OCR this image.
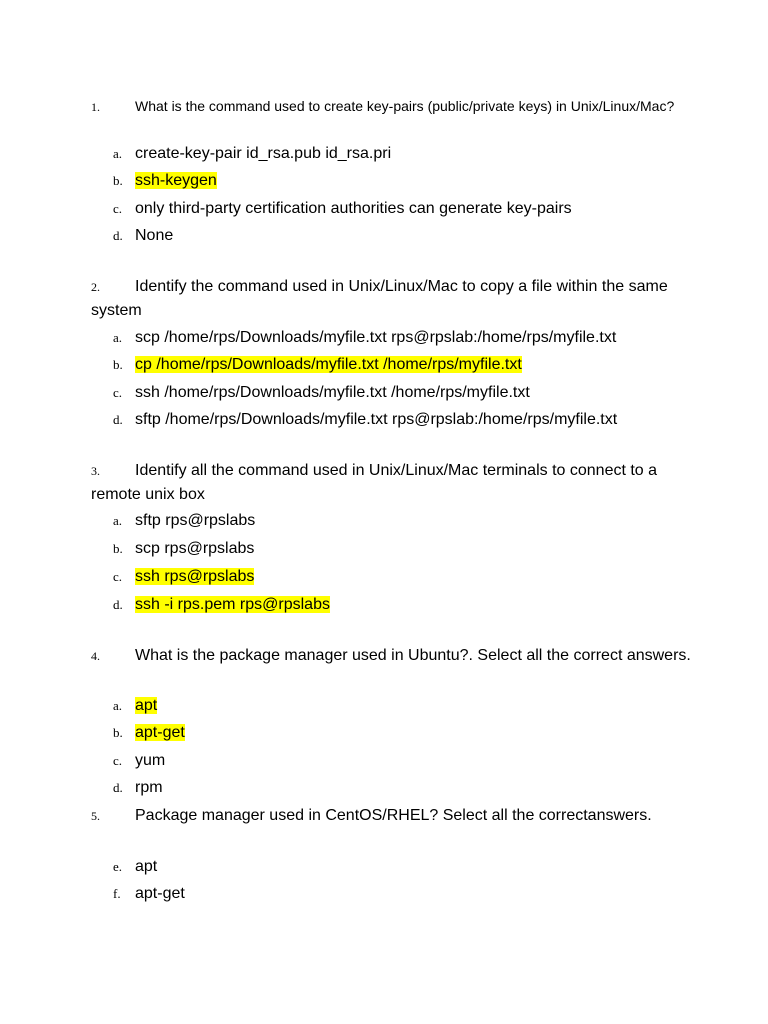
1.	What is the command used to create key-pairs (public/private keys) in Unix/Linux/Mac?
a. create-key-pair id_rsa.pub id_rsa.pri
b. ssh-keygen
c. only third-party certification authorities can generate key-pairs
d. None
2. Identify the command used in Unix/Linux/Mac to copy a file within the same system
a. scp /home/rps/Downloads/myfile.txt rps@rpslab:/home/rps/myfile.txt
b. cp /home/rps/Downloads/myfile.txt /home/rps/myfile.txt
c. ssh /home/rps/Downloads/myfile.txt /home/rps/myfile.txt
d. sftp /home/rps/Downloads/myfile.txt rps@rpslab:/home/rps/myfile.txt
3. Identify all the command used in Unix/Linux/Mac terminals to connect to a remote unix box
a. sftp rps@rpslabs
b. scp rps@rpslabs
c. ssh rps@rpslabs
d. ssh -i rps.pem rps@rpslabs
4. What is the package manager used in Ubuntu?. Select all the correct answers.
a. apt
b. apt-get
c. yum
d. rpm
5. Package manager used in CentOS/RHEL? Select all the correctanswers.
e. apt
f. apt-get
